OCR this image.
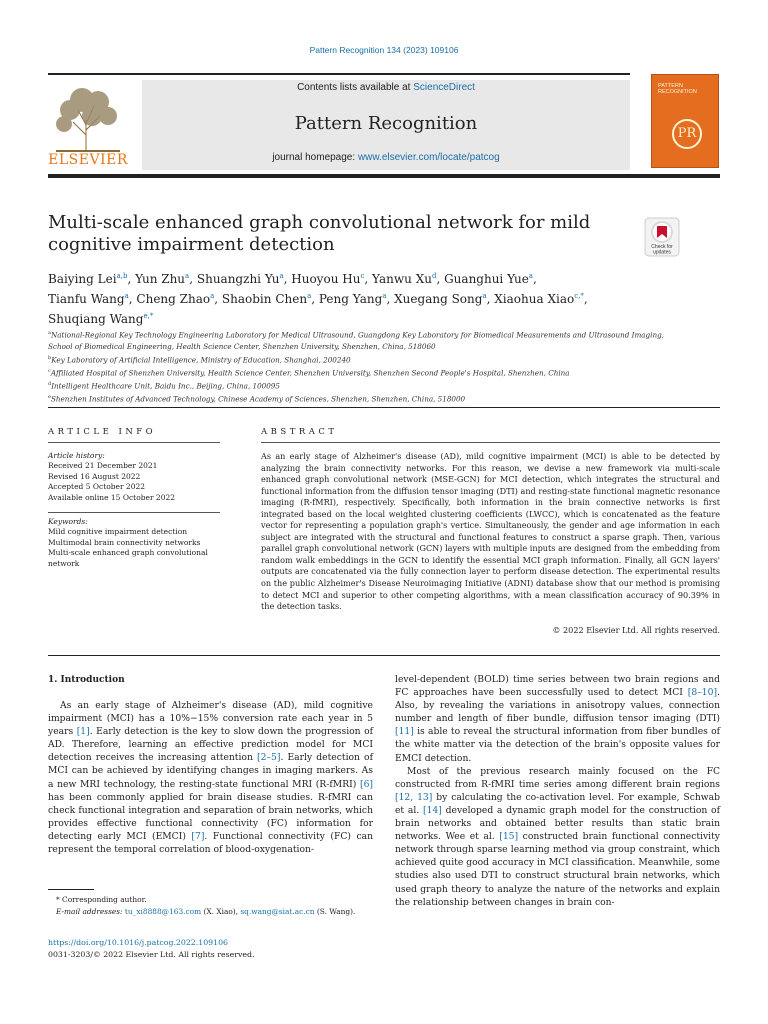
Pattern Recognition 134 (2023) 109106
ELSEVIER
Contents lists available at ScienceDirect
Pattern Recognition
journal homepage: www.elsevier.com/locate/patcog
PATTERN RECOGNITION
PR
Multi-scale enhanced graph convolutional network for mild cognitive impairment detection	Check for
updates
Baiying Lei$^{a,b}$, Yun Zhu$^a$, Shuangzhi Yu$^a$, Huoyou Hu$^c$, Yanwu Xu$^d$, Guanghui Yue$^a$,
Tianfu Wang$^a$, Cheng Zhao$^a$, Shaobin Chen$^a$, Peng Yang$^a$, Xuegang Song$^a$, Xiaohua Xiao$^{c,*}$,
Shuqiang Wang$^{e,*}$
$^a$National-Regional Key Technology Engineering Laboratory for Medical Ultrasound, Guangdong Key Laboratory for Biomedical Measurements and Ultrasound Imaging, School of Biomedical Engineering, Health Science Center, Shenzhen University, Shenzhen, China, 518060
$^b$Key Laboratory of Artificial Intelligence, Ministry of Education, Shanghai, 200240
$^c$Affiliated Hospital of Shenzhen University, Health Science Center, Shenzhen University, Shenzhen Second People's Hospital, Shenzhen, China
$^d$Intelligent Healthcare Unit, Baidu Inc., Beijing, China, 100095
$^e$Shenzhen Institutes of Advanced Technology, Chinese Academy of Sciences, Shenzhen, Shenzhen, China, 518000
ARTICLE INFO	ABSTRACT
Article history:
Received 21 December 2021
Revised 16 August 2022
Accepted 5 October 2022
Available online 15 October 2022
Keywords:
Mild cognitive impairment detection
Multimodal brain connectivity networks
Multi-scale enhanced graph convolutional network
As an early stage of Alzheimer's disease (AD), mild cognitive impairment (MCI) is able to be detected by analyzing the brain connectivity networks. For this reason, we devise a new framework via multi-scale enhanced graph convolutional network (MSE-GCN) for MCI detection, which integrates the structural and functional information from the diffusion tensor imaging (DTI) and resting-state functional magnetic resonance imaging (R-fMRI), respectively. Specifically, both information in the brain connective networks is first integrated based on the local weighted clustering coefficients (LWCC), which is concatenated as the feature vector for representing a population graph's vertice. Simultaneously, the gender and age information in each subject are integrated with the structural and functional features to construct a sparse graph. Then, various parallel graph convolutional network (GCN) layers with multiple inputs are designed from the embedding from random walk embeddings in the GCN to identify the essential MCI graph information. Finally, all GCN layers' outputs are concatenated via the fully connection layer to perform disease detection. The experimental results on the public Alzheimer's Disease Neuroimaging Initiative (ADNI) database show that our method is promising to detect MCI and superior to other competing algorithms, with a mean classification accuracy of 90.39% in the detection tasks.
© 2022 Elsevier Ltd. All rights reserved.
1. Introduction

As an early stage of Alzheimer's disease (AD), mild cognitive impairment (MCI) has a 10%−15% conversion rate each year in 5 years [1]. Early detection is the key to slow down the progression of AD. Therefore, learning an effective prediction model for MCI detection receives the increasing attention [2–5]. Early detection of MCI can be achieved by identifying changes in imaging markers. As a new MRI technology, the resting-state functional MRI (R-fMRI) [6] has been commonly applied for brain disease studies. R-fMRI can check functional integration and separation of brain networks, which provides effective functional connectivity (FC) information for detecting early MCI (EMCI) [7]. Functional connectivity (FC) can represent the temporal correlation of blood-oxygenation-

level-dependent (BOLD) time series between two brain regions and FC approaches have been successfully used to detect MCI [8–10]. Also, by revealing the variations in anisotropy values, connection number and length of fiber bundle, diffusion tensor imaging (DTI) [11] is able to reveal the structural information from fiber bundles of the white matter via the detection of the brain's opposite values for EMCI detection.

Most of the previous research mainly focused on the FC constructed from R-fMRI time series among different brain regions [12, 13] by calculating the co-activation level. For example, Schwab et al. [14] developed a dynamic graph model for the construction of brain networks and obtained better results than static brain networks. Wee et al. [15] constructed brain functional connectivity network through sparse learning method via group constraint, which achieved quite good accuracy in MCI classification. Meanwhile, some studies also used DTI to construct structural brain networks, which used graph theory to analyze the nature of the networks and explain the relationship between changes in brain con-

* Corresponding author.
E-mail addresses: tu_xi8888@163.com (X. Xiao), sq.wang@siat.ac.cn (S. Wang).
https://doi.org/10.1016/j.patcog.2022.109106
0031-3203/© 2022 Elsevier Ltd. All rights reserved.
